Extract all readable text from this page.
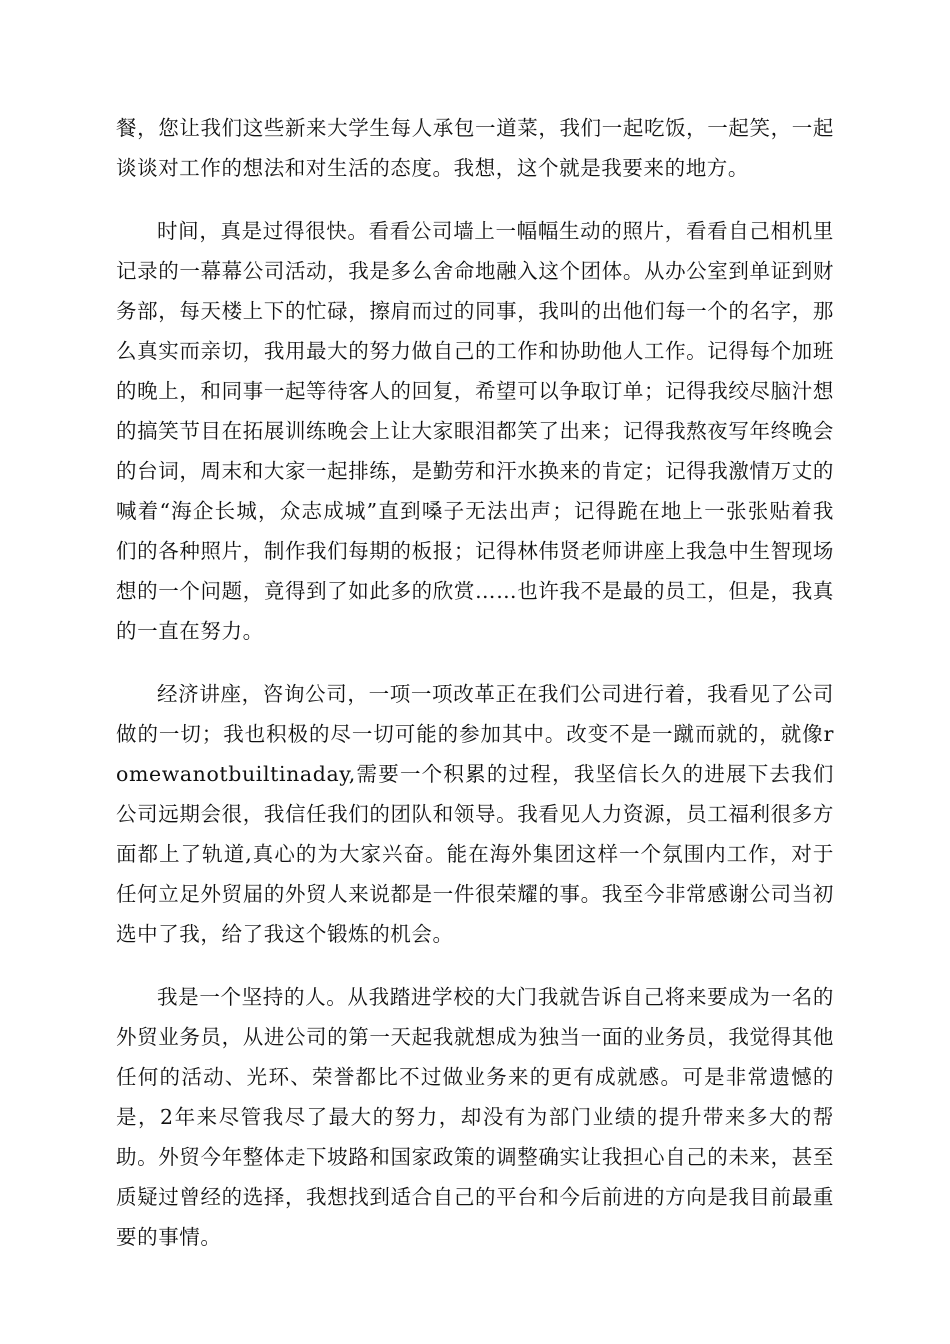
餐，您让我们这些新来大学生每人承包一道菜，我们一起吃饭，一起笑，一起谈谈对工作的想法和对生活的态度。我想，这个就是我要来的地方。

时间，真是过得很快。看看公司墙上一幅幅生动的照片，看看自己相机里记录的一幕幕公司活动，我是多么舍命地融入这个团体。从办公室到单证到财务部，每天楼上下的忙碌，擦肩而过的同事，我叫的出他们每一个的名字，那么真实而亲切，我用最大的努力做自己的工作和协助他人工作。记得每个加班的晚上，和同事一起等待客人的回复，希望可以争取订单；记得我绞尽脑汁想的搞笑节目在拓展训练晚会上让大家眼泪都笑了出来；记得我熬夜写年终晚会的台词，周末和大家一起排练，是勤劳和汗水换来的肯定；记得我激情万丈的喊着“海企长城，众志成城”直到嗓子无法出声；记得跪在地上一张张贴着我们的各种照片，制作我们每期的板报；记得林伟贤老师讲座上我急中生智现场想的一个问题，竟得到了如此多的欣赏……也许我不是最的员工，但是，我真的一直在努力。

经济讲座，咨询公司，一项一项改革正在我们公司进行着，我看见了公司做的一切；我也积极的尽一切可能的参加其中。改变不是一蹴而就的，就像romewanotbuiltinaday,需要一个积累的过程，我坚信长久的进展下去我们公司远期会很，我信任我们的团队和领导。我看见人力资源，员工福利很多方面都上了轨道,真心的为大家兴奋。能在海外集团这样一个氛围内工作，对于任何立足外贸届的外贸人来说都是一件很荣耀的事。我至今非常感谢公司当初选中了我，给了我这个锻炼的机会。

我是一个坚持的人。从我踏进学校的大门我就告诉自己将来要成为一名的外贸业务员，从进公司的第一天起我就想成为独当一面的业务员，我觉得其他任何的活动、光环、荣誉都比不过做业务来的更有成就感。可是非常遗憾的是，2年来尽管我尽了最大的努力，却没有为部门业绩的提升带来多大的帮助。外贸今年整体走下坡路和国家政策的调整确实让我担心自己的未来，甚至质疑过曾经的选择，我想找到适合自己的平台和今后前进的方向是我目前最重要的事情。
